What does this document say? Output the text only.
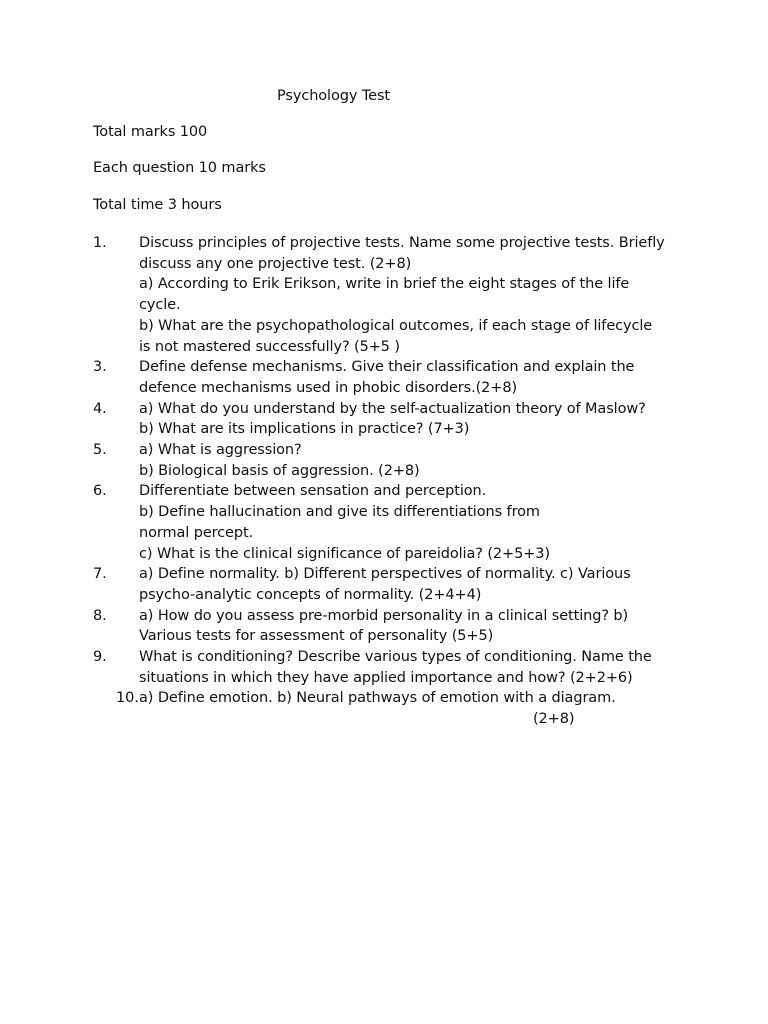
Psychology Test
Total marks 100
Each question 10 marks
Total time 3 hours
1.	Discuss principles of projective tests. Name some projective tests. Briefly
discuss any one projective test. (2+8)
a) According to Erik Erikson, write in brief the eight stages of the life
cycle.
b) What are the psychopathological outcomes, if each stage of lifecycle
is not mastered successfully? (5+5 )
3.	Define defense mechanisms. Give their classification and explain the
defence mechanisms used in phobic disorders.(2+8)
4.	a) What do you understand by the self-actualization theory of Maslow?
b) What are its implications in practice? (7+3)
5.	a) What is aggression?
b) Biological basis of aggression. (2+8)
6.	Differentiate between sensation and perception.
b) Define hallucination and give its differentiations from
normal percept.
c) What is the clinical significance of pareidolia? (2+5+3)
7.	a) Define normality. b) Different perspectives of normality. c) Various
psycho-analytic concepts of normality. (2+4+4)
8.	a) How do you assess pre-morbid personality in a clinical setting? b)
Various tests for assessment of personality (5+5)
9.	What is conditioning? Describe various types of conditioning. Name the
situations in which they have applied importance and how? (2+2+6)
10. a) Define emotion. b) Neural pathways of emotion with a diagram.
(2+8)
